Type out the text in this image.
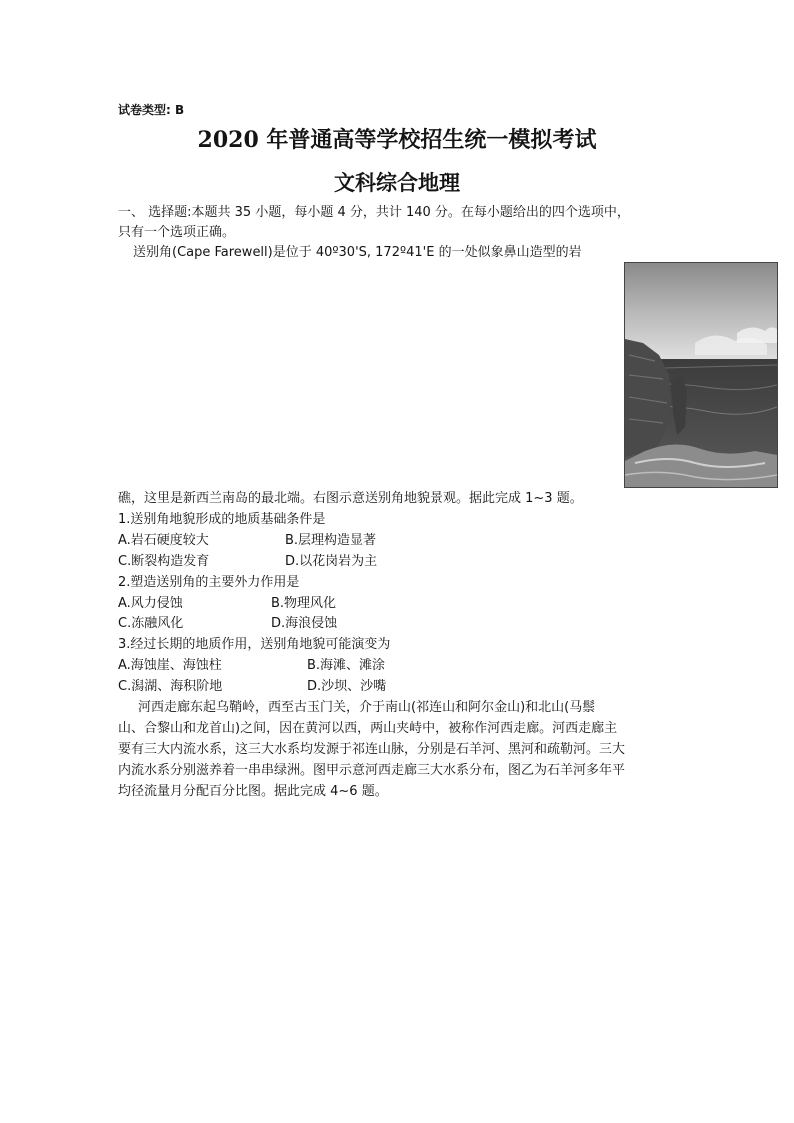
试卷类型: B
2020 年普通高等学校招生统一模拟考试
文科综合地理
一、 选择题:本题共 35 小题，每小题 4 分，共计 140 分。在每小题给出的四个选项中，
只有一个选项正确。
送别角(Cape Farewell)是位于 40º30'S, 172º41'E 的一处似象鼻山造型的岩
礁，这里是新西兰南岛的最北端。右图示意送别角地貌景观。据此完成 1~3 题。
1.送别角地貌形成的地质基础条件是
A.岩石硬度较大	B.层理构造显著
C.断裂构造发育	D.以花岗岩为主
2.塑造送别角的主要外力作用是
A.风力侵蚀	B.物理风化
C.冻融风化	D.海浪侵蚀
3.经过长期的地质作用，送别角地貌可能演变为
A.海蚀崖、海蚀柱	B.海滩、滩涂
C.潟湖、海积阶地	D.沙坝、沙嘴
河西走廊东起乌鞘岭，西至古玉门关，介于南山(祁连山和阿尔金山)和北山(马鬃
山、合黎山和龙首山)之间，因在黄河以西，两山夹峙中，被称作河西走廊。河西走廊主
要有三大内流水系，这三大水系均发源于祁连山脉，分别是石羊河、黑河和疏勒河。三大
内流水系分别滋养着一串串绿洲。图甲示意河西走廊三大水系分布，图乙为石羊河多年平
均径流量月分配百分比图。据此完成 4~6 题。
